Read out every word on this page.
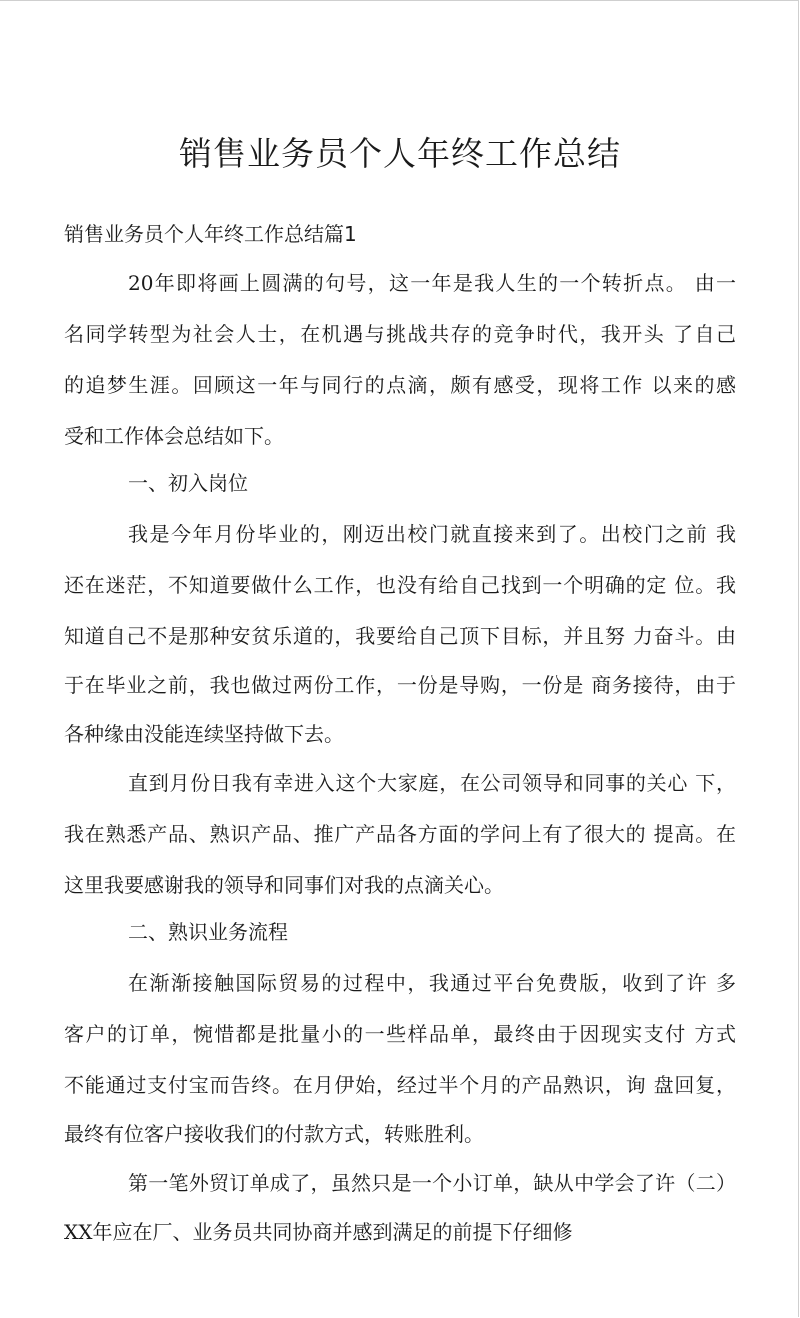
销售业务员个人年终工作总结
销售业务员个人年终工作总结篇1
20年即将画上圆满的句号，这一年是我人生的一个转折点。 由一
名同学转型为社会人士，在机遇与挑战共存的竞争时代，我开头 了自己
的追梦生涯。回顾这一年与同行的点滴，颇有感受，现将工作 以来的感
受和工作体会总结如下。
一、初入岗位
我是今年月份毕业的，刚迈出校门就直接来到了。出校门之前 我
还在迷茫，不知道要做什么工作，也没有给自己找到一个明确的定 位。我
知道自己不是那种安贫乐道的，我要给自己顶下目标，并且努 力奋斗。由
于在毕业之前，我也做过两份工作，一份是导购，一份是 商务接待，由于
各种缘由没能连续坚持做下去。
直到月份日我有幸进入这个大家庭，在公司领导和同事的关心 下，
我在熟悉产品、熟识产品、推广产品各方面的学问上有了很大的 提高。在
这里我要感谢我的领导和同事们对我的点滴关心。
二、熟识业务流程
在渐渐接触国际贸易的过程中，我通过平台免费版，收到了许 多
客户的订单，惋惜都是批量小的一些样品单，最终由于因现实支付 方式
不能通过支付宝而告终。在月伊始，经过半个月的产品熟识，询 盘回复，
最终有位客户接收我们的付款方式，转账胜利。
第一笔外贸订单成了，虽然只是一个小订单，缺从中学会了许（二）
XX年应在厂、业务员共同协商并感到满足的前提下仔细修
